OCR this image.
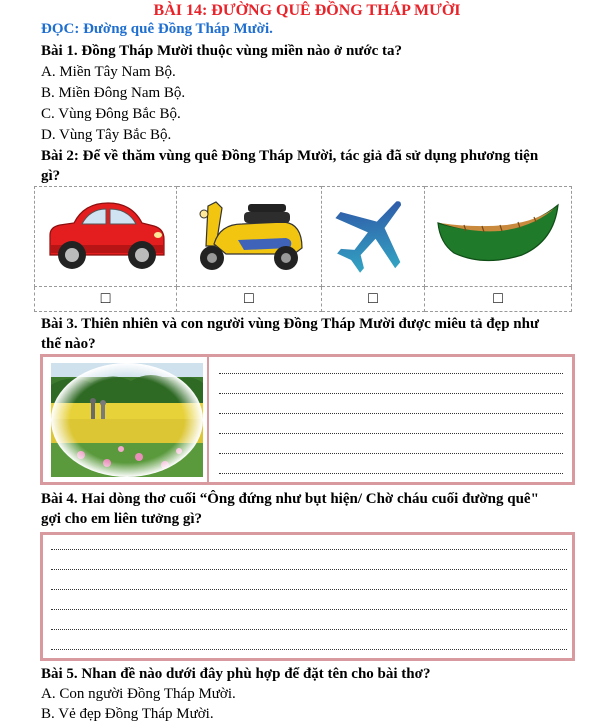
BÀI 14: ĐƯỜNG QUÊ ĐỒNG THÁP MƯỜI
ĐỌC: Đường quê Đồng Tháp Mười.
Bài 1. Đồng Tháp Mười thuộc vùng miền nào ở nước ta?
A. Miền Tây Nam Bộ.
B. Miền Đông Nam Bộ.
C. Vùng Đông Bắc Bộ.
D. Vùng Tây Bắc Bộ.
Bài 2: Để về thăm vùng quê Đồng Tháp Mười, tác giả đã sử dụng phương tiện
gì?

□	□	□	□
Bài 3. Thiên nhiên và con người vùng Đồng Tháp Mười được miêu tả đẹp như
thế nào?
Bài 4. Hai dòng thơ cuối “Ông đứng như bụt hiện/ Chờ cháu cuối đường quê"
gợi cho em liên tưởng gì?
Bài 5. Nhan đề nào dưới đây phù hợp để đặt tên cho bài thơ?
A. Con người Đồng Tháp Mười.
B. Vẻ đẹp Đồng Tháp Mười.
